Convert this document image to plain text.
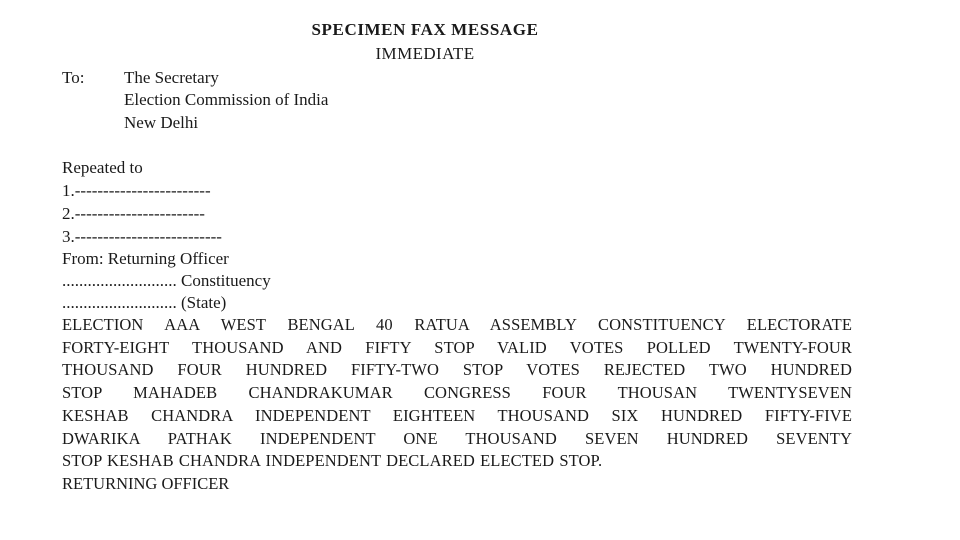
SPECIMEN FAX MESSAGE
IMMEDIATE
To: The Secretary
Election Commission of India
New Delhi
Repeated to
1.------------------------
2.-----------------------
3.--------------------------
From: Returning Officer
........................... Constituency
........................... (State)
ELECTION AAA WEST BENGAL 40 RATUA ASSEMBLY CONSTITUENCY ELECTORATE
FORTY-EIGHT THOUSAND AND FIFTY STOP VALID VOTES POLLED TWENTY-FOUR
THOUSAND FOUR HUNDRED FIFTY-TWO STOP VOTES REJECTED TWO HUNDRED
STOP MAHADEB CHANDRAKUMAR CONGRESS FOUR THOUSAN TWENTYSEVEN
KESHAB CHANDRA INDEPENDENT EIGHTEEN THOUSAND SIX HUNDRED FIFTY-FIVE
DWARIKA PATHAK INDEPENDENT ONE THOUSAND SEVEN HUNDRED SEVENTY
STOP KESHAB CHANDRA INDEPENDENT DECLARED ELECTED STOP.
RETURNING OFFICER
